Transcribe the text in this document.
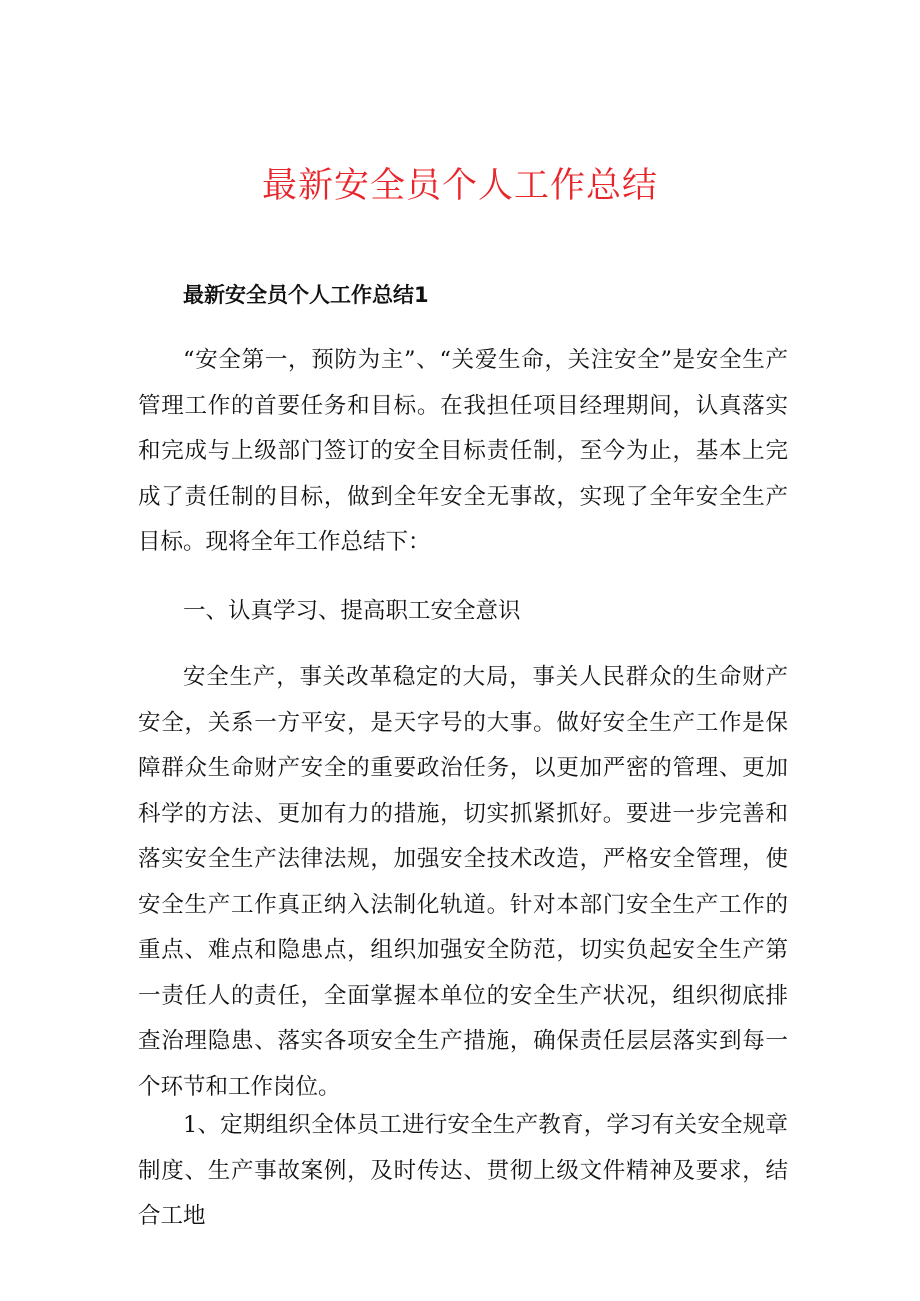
最新安全员个人工作总结
最新安全员个人工作总结1

“安全第一，预防为主”、“关爱生命，关注安全”是安全生产管理工作的首要任务和目标。在我担任项目经理期间，认真落实和完成与上级部门签订的安全目标责任制，至今为止，基本上完成了责任制的目标，做到全年安全无事故，实现了全年安全生产目标。现将全年工作总结下：

一、认真学习、提高职工安全意识

安全生产，事关改革稳定的大局，事关人民群众的生命财产安全，关系一方平安，是天字号的大事。做好安全生产工作是保障群众生命财产安全的重要政治任务，以更加严密的管理、更加科学的方法、更加有力的措施，切实抓紧抓好。要进一步完善和落实安全生产法律法规，加强安全技术改造，严格安全管理，使安全生产工作真正纳入法制化轨道。针对本部门安全生产工作的重点、难点和隐患点，组织加强安全防范，切实负起安全生产第一责任人的责任，全面掌握本单位的安全生产状况，组织彻底排查治理隐患、落实各项安全生产措施，确保责任层层落实到每一个环节和工作岗位。

1、定期组织全体员工进行安全生产教育，学习有关安全规章制度、生产事故案例，及时传达、贯彻上级文件精神及要求，结合工地
